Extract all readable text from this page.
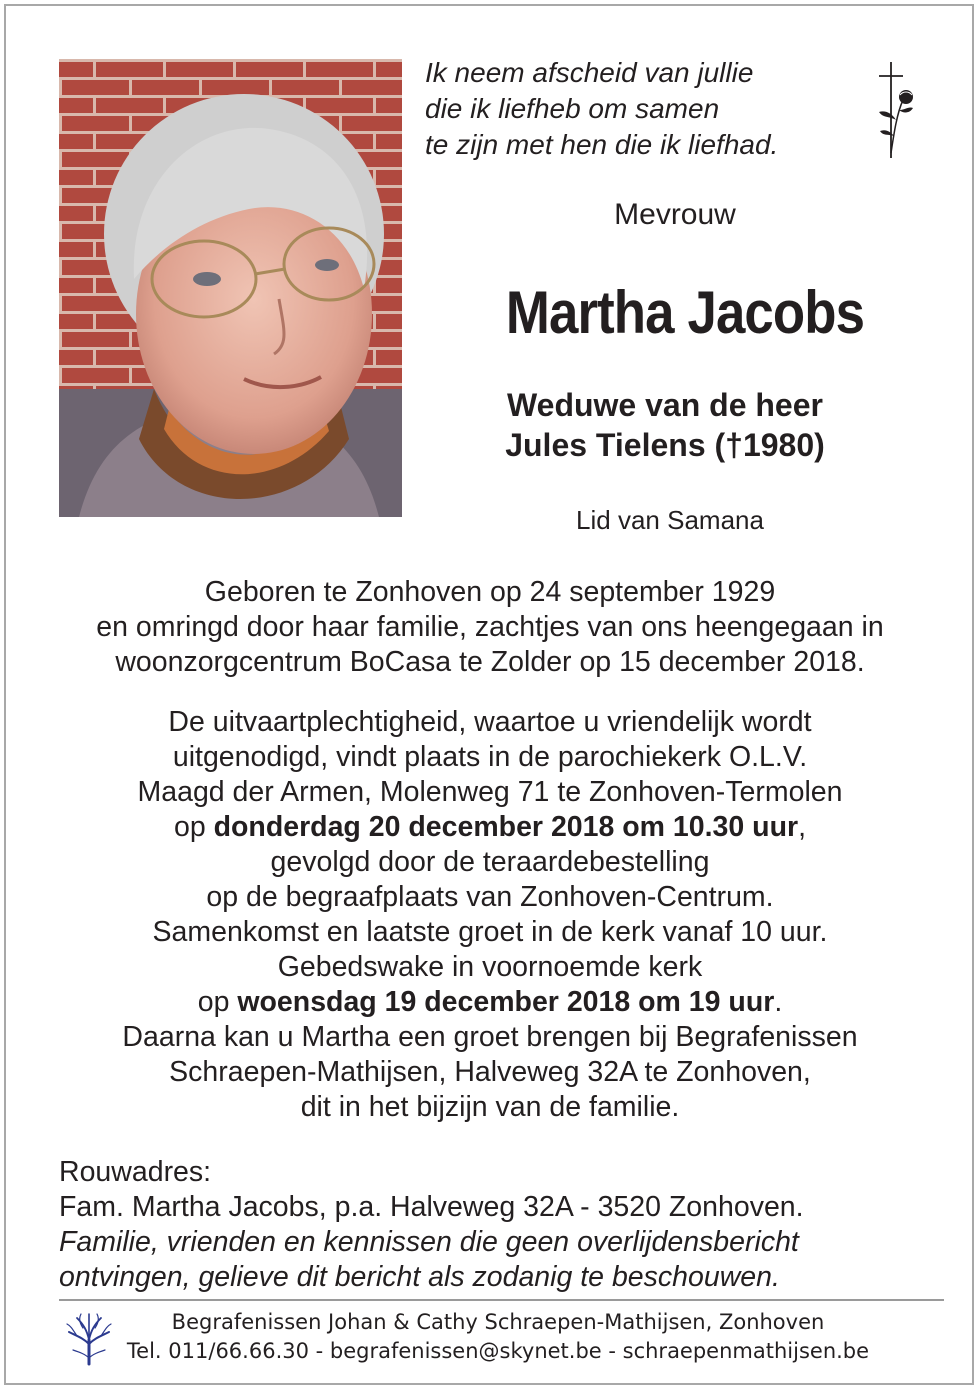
Ik neem afscheid van jullie
die ik liefheb om samen
te zijn met hen die ik liefhad.

Mevrouw

Martha Jacobs

Weduwe van de heer
Jules Tielens (†1980)

Lid van Samana

Geboren te Zonhoven op 24 september 1929
en omringd door haar familie, zachtjes van ons heengegaan in
woonzorgcentrum BoCasa te Zolder op 15 december 2018.

De uitvaartplechtigheid, waartoe u vriendelijk wordt
uitgenodigd, vindt plaats in de parochiekerk O.L.V.
Maagd der Armen, Molenweg 71 te Zonhoven-Termolen
op donderdag 20 december 2018 om 10.30 uur,
gevolgd door de teraardebestelling
op de begraafplaats van Zonhoven-Centrum.
Samenkomst en laatste groet in de kerk vanaf 10 uur.
Gebedswake in voornoemde kerk
op woensdag 19 december 2018 om 19 uur.
Daarna kan u Martha een groet brengen bij Begrafenissen
Schraepen-Mathijsen, Halveweg 32A te Zonhoven,
dit in het bijzijn van de familie.

Rouwadres:
Fam. Martha Jacobs, p.a. Halveweg 32A - 3520 Zonhoven.
Familie, vrienden en kennissen die geen overlijdensbericht
ontvingen, gelieve dit bericht als zodanig te beschouwen.

Begrafenissen Johan & Cathy Schraepen-Mathijsen, Zonhoven
Tel. 011/66.66.30 - begrafenissen@skynet.be - schraepenmathijsen.be
